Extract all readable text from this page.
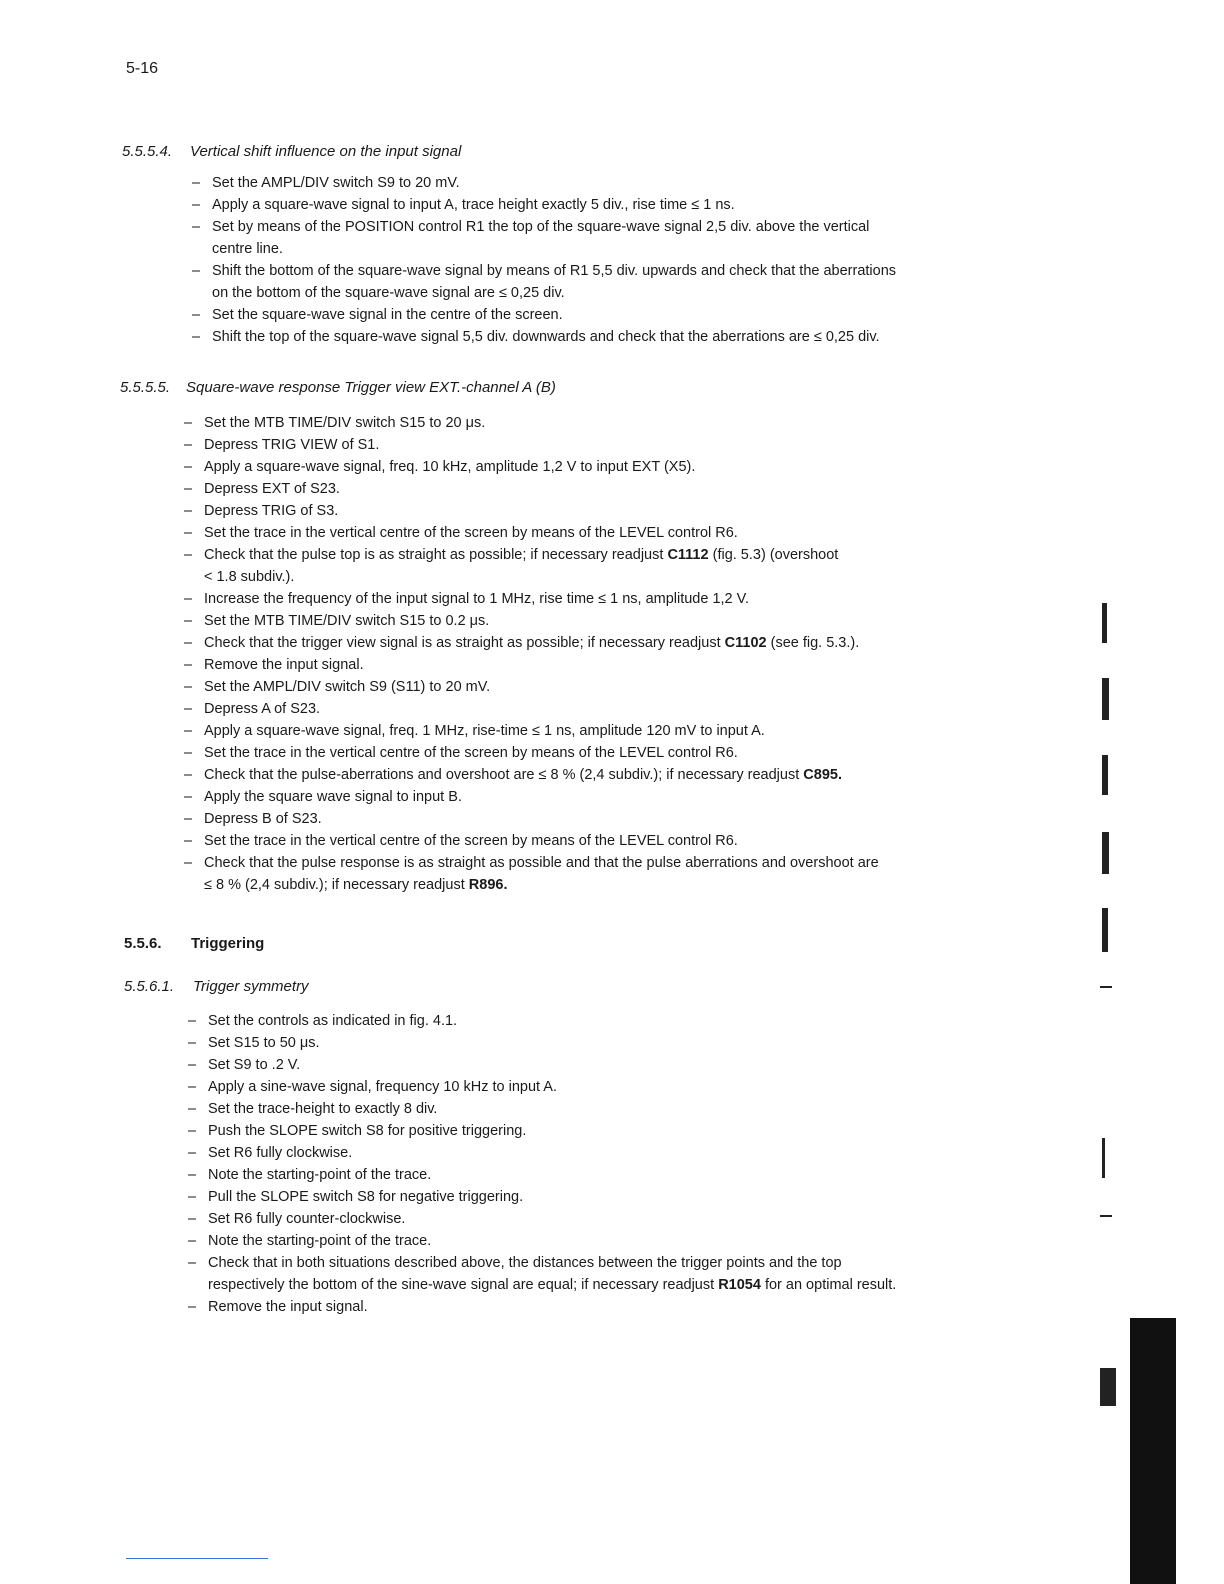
5-16
5.5.5.4. Vertical shift influence on the input signal
– Set the AMPL/DIV switch S9 to 20 mV.
– Apply a square-wave signal to input A, trace height exactly 5 div., rise time ≤ 1 ns.
– Set by means of the POSITION control R1 the top of the square-wave signal 2,5 div. above the vertical
centre line.
– Shift the bottom of the square-wave signal by means of R1 5,5 div. upwards and check that the aberrations
on the bottom of the square-wave signal are ≤ 0,25 div.
– Set the square-wave signal in the centre of the screen.
– Shift the top of the square-wave signal 5,5 div. downwards and check that the aberrations are ≤ 0,25 div.
5.5.5.5. Square-wave response Trigger view EXT.-channel A (B)
– Set the MTB TIME/DIV switch S15 to 20 μs.
– Depress TRIG VIEW of S1.
– Apply a square-wave signal, freq. 10 kHz, amplitude 1,2 V to input EXT (X5).
– Depress EXT of S23.
– Depress TRIG of S3.
– Set the trace in the vertical centre of the screen by means of the LEVEL control R6.
– Check that the pulse top is as straight as possible; if necessary readjust C1112 (fig. 5.3) (overshoot
< 1.8 subdiv.).
– Increase the frequency of the input signal to 1 MHz, rise time ≤ 1 ns, amplitude 1,2 V.
– Set the MTB TIME/DIV switch S15 to 0.2 μs.
– Check that the trigger view signal is as straight as possible; if necessary readjust C1102 (see fig. 5.3.).
– Remove the input signal.
– Set the AMPL/DIV switch S9 (S11) to 20 mV.
– Depress A of S23.
– Apply a square-wave signal, freq. 1 MHz, rise-time ≤ 1 ns, amplitude 120 mV to input A.
– Set the trace in the vertical centre of the screen by means of the LEVEL control R6.
– Check that the pulse-aberrations and overshoot are ≤ 8 % (2,4 subdiv.); if necessary readjust C895.
– Apply the square wave signal to input B.
– Depress B of S23.
– Set the trace in the vertical centre of the screen by means of the LEVEL control R6.
– Check that the pulse response is as straight as possible and that the pulse aberrations and overshoot are
≤ 8 % (2,4 subdiv.); if necessary readjust R896.
5.5.6. Triggering
5.5.6.1. Trigger symmetry
– Set the controls as indicated in fig. 4.1.
– Set S15 to 50 μs.
– Set S9 to .2 V.
– Apply a sine-wave signal, frequency 10 kHz to input A.
– Set the trace-height to exactly 8 div.
– Push the SLOPE switch S8 for positive triggering.
– Set R6 fully clockwise.
– Note the starting-point of the trace.
– Pull the SLOPE switch S8 for negative triggering.
– Set R6 fully counter-clockwise.
– Note the starting-point of the trace.
– Check that in both situations described above, the distances between the trigger points and the top
respectively the bottom of the sine-wave signal are equal; if necessary readjust R1054 for an optimal result.
– Remove the input signal.
